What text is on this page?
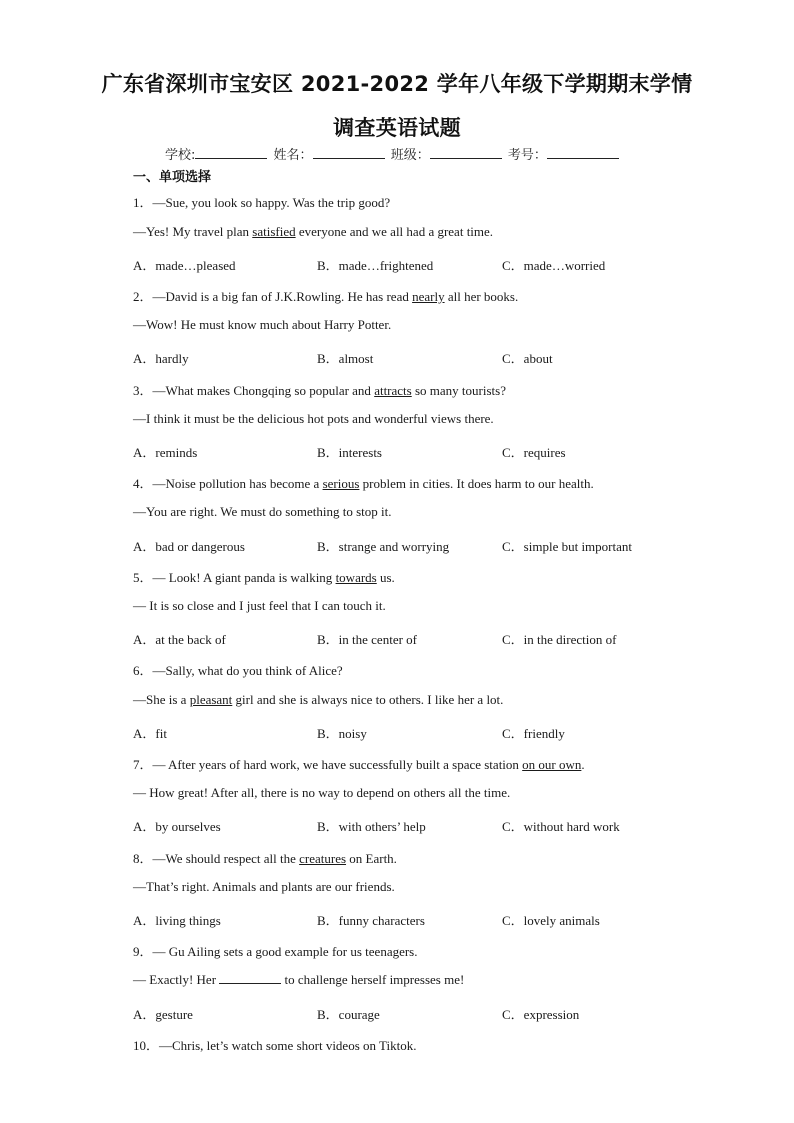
广东省深圳市宝安区 2021-2022 学年八年级下学期期末学情
调查英语试题
学校:	姓名：	班级：	考号：
一、单项选择
1．—Sue, you look so happy. Was the trip good?
—Yes! My travel plan satisfied everyone and we all had a great time.
A．made…pleased	B．made…frightened	C．made…worried
2．—David is a big fan of J.K.Rowling. He has read nearly all her books.
—Wow! He must know much about Harry Potter.
A．hardly	B．almost	C．about
3．—What makes Chongqing so popular and attracts so many tourists?
—I think it must be the delicious hot pots and wonderful views there.
A．reminds	B．interests	C．requires
4．—Noise pollution has become a serious problem in cities. It does harm to our health.
—You are right. We must do something to stop it.
A．bad or dangerous	B．strange and worrying	C．simple but important
5．— Look! A giant panda is walking towards us.
— It is so close and I just feel that I can touch it.
A．at the back of	B．in the center of	C．in the direction of
6．—Sally, what do you think of Alice?
—She is a pleasant girl and she is always nice to others. I like her a lot.
A．fit	B．noisy	C．friendly
7．— After years of hard work, we have successfully built a space station on our own.
— How great! After all, there is no way to depend on others all the time.
A．by ourselves	B．with others’ help	C．without hard work
8．—We should respect all the creatures on Earth.
—That’s right. Animals and plants are our friends.
A．living things	B．funny characters	C．lovely animals
9．— Gu Ailing sets a good example for us teenagers.
— Exactly! Her	to challenge herself impresses me!
A．gesture	B．courage	C．expression
10．—Chris, let’s watch some short videos on Tiktok.
